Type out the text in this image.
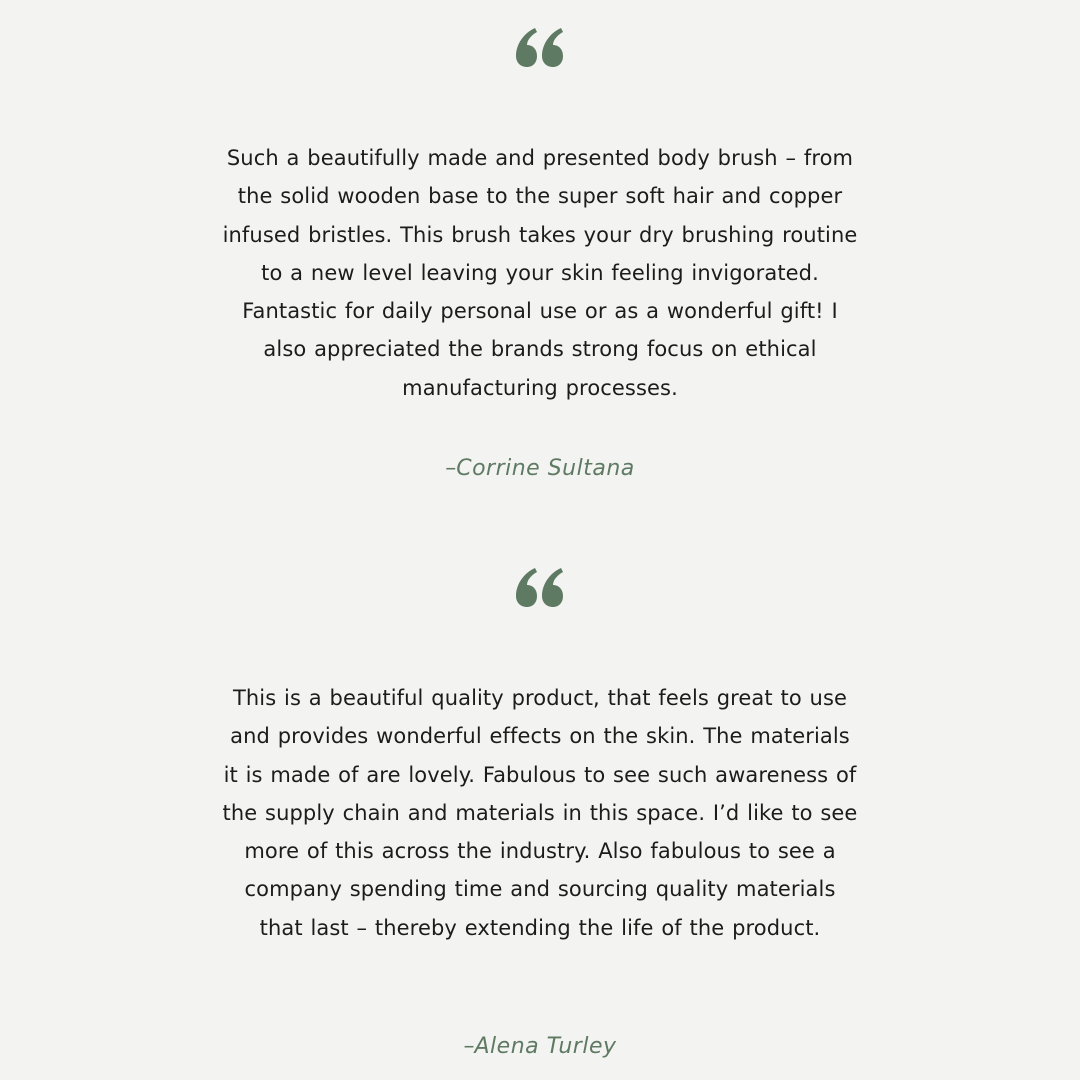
Such a beautifully made and presented body brush – from the solid wooden base to the super soft hair and copper infused bristles. This brush takes your dry brushing routine to a new level leaving your skin feeling invigorated. Fantastic for daily personal use or as a wonderful gift! I also appreciated the brands strong focus on ethical manufacturing processes.

–Corrine Sultana

This is a beautiful quality product, that feels great to use and provides wonderful effects on the skin. The materials it is made of are lovely. Fabulous to see such awareness of the supply chain and materials in this space. I’d like to see more of this across the industry. Also fabulous to see a company spending time and sourcing quality materials that last – thereby extending the life of the product.

–Alena Turley
